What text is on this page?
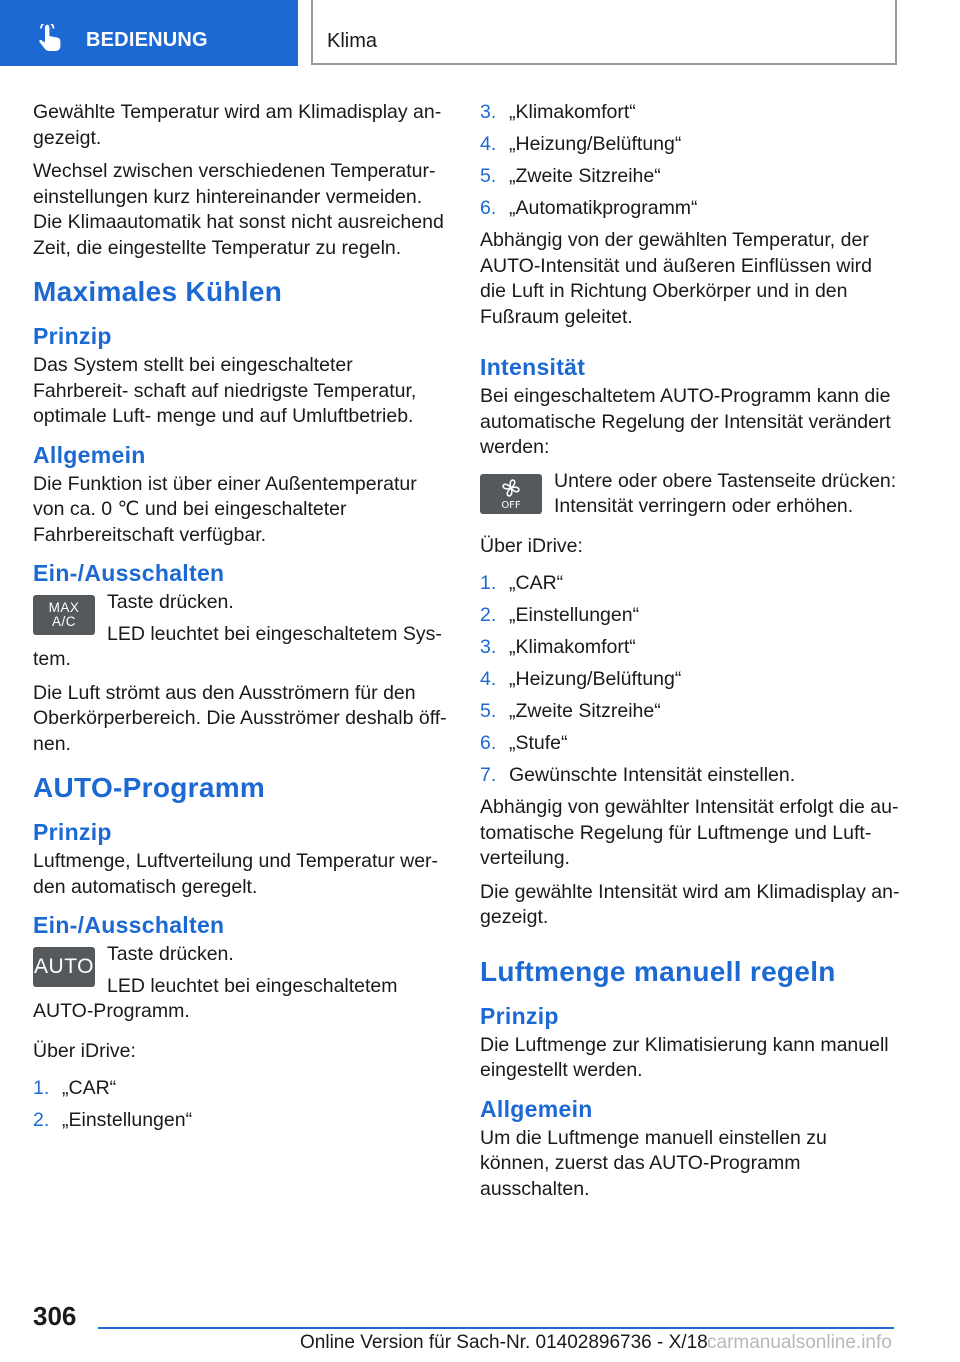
BEDIENUNG	Klima

Gewählte Temperatur wird am Klimadisplay an‐ gezeigt.

Wechsel zwischen verschiedenen Temperatur‐ einstellungen kurz hintereinander vermeiden. Die Klimaautomatik hat sonst nicht ausreichend Zeit, die eingestellte Temperatur zu regeln.

Maximales Kühlen
Prinzip

Das System stellt bei eingeschalteter Fahrbereit‐ schaft auf niedrigste Temperatur, optimale Luft‐ menge und auf Umluftbetrieb.

Allgemein

Die Funktion ist über einer Außentemperatur von ca. 0 ℃ und bei eingeschalteter Fahrbereitschaft verfügbar.

Ein-/Ausschalten
MAX
A/C

Taste drücken.

LED leuchtet bei eingeschaltetem Sys‐ tem.

Die Luft strömt aus den Ausströmern für den Oberkörperbereich. Die Ausströmer deshalb öff‐ nen.

AUTO-Programm
Prinzip

Luftmenge, Luftverteilung und Temperatur wer‐ den automatisch geregelt.

Ein-/Ausschalten
AUTO

Taste drücken.

LED leuchtet bei eingeschaltetem AUTO-Programm.

Über iDrive:

1. „CAR“
2. „Einstellungen“
3. „Klimakomfort“
4. „Heizung/Belüftung“
5. „Zweite Sitzreihe“
6. „Automatikprogramm“

Abhängig von der gewählten Temperatur, der AUTO-Intensität und äußeren Einflüssen wird die Luft in Richtung Oberkörper und in den Fußraum geleitet.

Intensität

Bei eingeschaltetem AUTO-Programm kann die automatische Regelung der Intensität verändert werden:

OFF

Untere oder obere Tastenseite drücken: Intensität verringern oder erhöhen.

Über iDrive:

1. „CAR“
2. „Einstellungen“
3. „Klimakomfort“
4. „Heizung/Belüftung“
5. „Zweite Sitzreihe“
6. „Stufe“
7. Gewünschte Intensität einstellen.

Abhängig von gewählter Intensität erfolgt die au‐ tomatische Regelung für Luftmenge und Luft‐ verteilung.

Die gewählte Intensität wird am Klimadisplay an‐ gezeigt.

Luftmenge manuell regeln
Prinzip

Die Luftmenge zur Klimatisierung kann manuell eingestellt werden.

Allgemein

Um die Luftmenge manuell einstellen zu können, zuerst das AUTO-Programm ausschalten.

306
Online Version für Sach-Nr. 01402896736 - X/18 carmanualsonline.info
